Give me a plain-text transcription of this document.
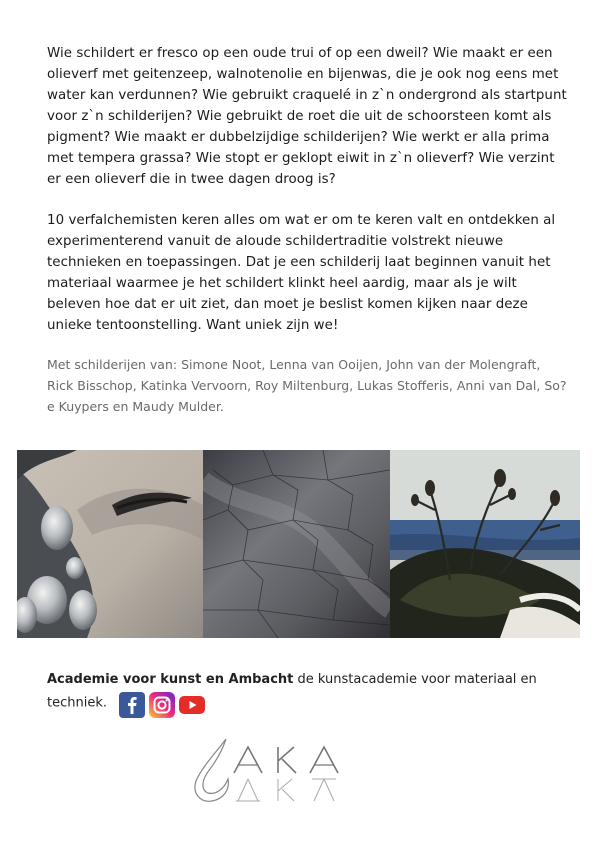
Wie schildert er fresco op een oude trui of op een dweil? Wie maakt er een olieverf met geitenzeep, walnotenolie en bijenwas, die je ook nog eens met water kan verdunnen? Wie gebruikt craquelé in z`n ondergrond als startpunt voor z`n schilderijen? Wie gebruikt de roet die uit de schoorsteen komt als pigment? Wie maakt er dubbelzijdige schilderijen? Wie werkt er alla prima met tempera grassa? Wie stopt er geklopt eiwit in z`n olieverf? Wie verzint er een olieverf die in twee dagen droog is?

10 verfalchemisten keren alles om wat er om te keren valt en ontdekken al experimenterend vanuit de aloude schildertraditie volstrekt nieuwe technieken en toepassingen. Dat je een schilderij laat beginnen vanuit het materiaal waarmee je het schildert klinkt heel aardig, maar als je wilt beleven hoe dat er uit ziet, dan moet je beslist komen kijken naar deze unieke tentoonstelling. Want uniek zijn we!

Met schilderijen van: Simone Noot, Lenna van Ooijen, John van der Molengraft, Rick Bisschop, Katinka Vervoorn, Roy Miltenburg, Lukas Stofferis, Anni van Dal, So?e Kuypers en Maudy Mulder.

Academie voor kunst en Ambacht de kunstacademie voor materiaal en techniek.
